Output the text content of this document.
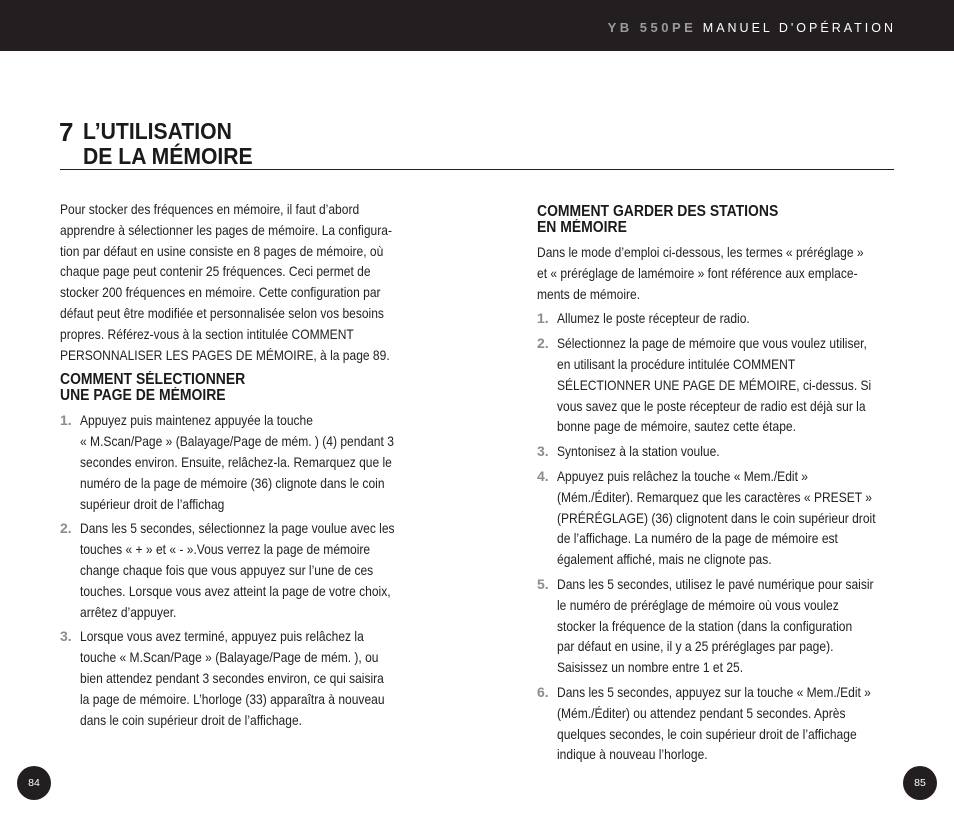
YB 550PE MANUEL D'OPÉRATION
7 L’UTILISATION
DE LA MÉMOIRE
Pour stocker des fréquences en mémoire, il faut d’abord
apprendre à sélectionner les pages de mémoire. La configura-
tion par défaut en usine consiste en 8 pages de mémoire, où
chaque page peut contenir 25 fréquences. Ceci permet de
stocker 200 fréquences en mémoire. Cette configuration par
défaut peut être modifiée et personnalisée selon vos besoins
propres. Référez-vous à la section intitulée COMMENT
PERSONNALISER LES PAGES DE MÉMOIRE, à la page 89.
COMMENT SÉLECTIONNER
UNE PAGE DE MÉMOIRE
1. Appuyez puis maintenez appuyée la touche
« M.Scan/Page » (Balayage/Page de mém. ) (4) pendant 3
secondes environ. Ensuite, relâchez-la. Remarquez que le
numéro de la page de mémoire (36) clignote dans le coin
supérieur droit de l’affichag
2. Dans les 5 secondes, sélectionnez la page voulue avec les
touches « + » et « - ».Vous verrez la page de mémoire
change chaque fois que vous appuyez sur l’une de ces
touches. Lorsque vous avez atteint la page de votre choix,
arrêtez d’appuyer.
3. Lorsque vous avez terminé, appuyez puis relâchez la
touche « M.Scan/Page » (Balayage/Page de mém. ), ou
bien attendez pendant 3 secondes environ, ce qui saisira
la page de mémoire. L’horloge (33) apparaîtra à nouveau
dans le coin supérieur droit de l’affichage.
COMMENT GARDER DES STATIONS
EN MÉMOIRE
Dans le mode d’emploi ci-dessous, les termes « préréglage »
et « préréglage de lamémoire » font référence aux emplace-
ments de mémoire.
1. Allumez le poste récepteur de radio.
2. Sélectionnez la page de mémoire que vous voulez utiliser,
en utilisant la procédure intitulée COMMENT
SÉLECTIONNER UNE PAGE DE MÉMOIRE, ci-dessus. Si
vous savez que le poste récepteur de radio est déjà sur la
bonne page de mémoire, sautez cette étape.
3. Syntonisez à la station voulue.
4. Appuyez puis relâchez la touche « Mem./Edit »
(Mém./Éditer). Remarquez que les caractères « PRESET »
(PRÉRÉGLAGE) (36) clignotent dans le coin supérieur droit
de l’affichage. La numéro de la page de mémoire est
également affiché, mais ne clignote pas.
5. Dans les 5 secondes, utilisez le pavé numérique pour saisir
le numéro de préréglage de mémoire où vous voulez
stocker la fréquence de la station (dans la configuration
par défaut en usine, il y a 25 préréglages par page).
Saisissez un nombre entre 1 et 25.
6. Dans les 5 secondes, appuyez sur la touche « Mem./Edit »
(Mém./Éditer) ou attendez pendant 5 secondes. Après
quelques secondes, le coin supérieur droit de l’affichage
indique à nouveau l’horloge.
84	85
